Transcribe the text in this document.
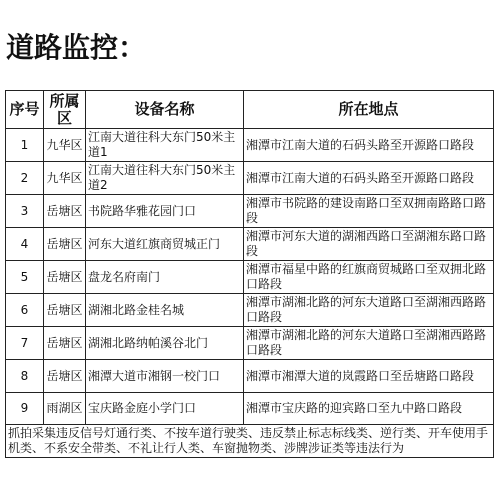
道路监控：
序号	所属区	设备名称	所在地点
1	九华区	江南大道往科大东门50米主道1	湘潭市江南大道的石码头路至开源路口路段
2	九华区	江南大道往科大东门50米主道2	湘潭市江南大道的石码头路至开源路口路段
3	岳塘区	书院路华雅花园门口	湘潭市书院路的建设南路口至双拥南路路口路段
4	岳塘区	河东大道红旗商贸城正门	湘潭市河东大道的湖湘西路口至湖湘东路口路段
5	岳塘区	盘龙名府南门	湘潭市福星中路的红旗商贸城路口至双拥北路口路段
6	岳塘区	湖湘北路金桂名城	湘潭市湖湘北路的河东大道路口至湖湘西路路口路段
7	岳塘区	湖湘北路纳帕溪谷北门	湘潭市湖湘北路的河东大道路口至湖湘西路路口路段
8	岳塘区	湘潭大道市湘钢一校门口	湘潭市湘潭大道的岚霞路口至岳塘路口路段
9	雨湖区	宝庆路金庭小学门口	湘潭市宝庆路的迎宾路口至九中路口路段
抓拍采集违反信号灯通行类、不按车道行驶类、违反禁止标志标线类、逆行类、开车使用手机类、不系安全带类、不礼让行人类、车窗抛物类、涉牌涉证类等违法行为			
